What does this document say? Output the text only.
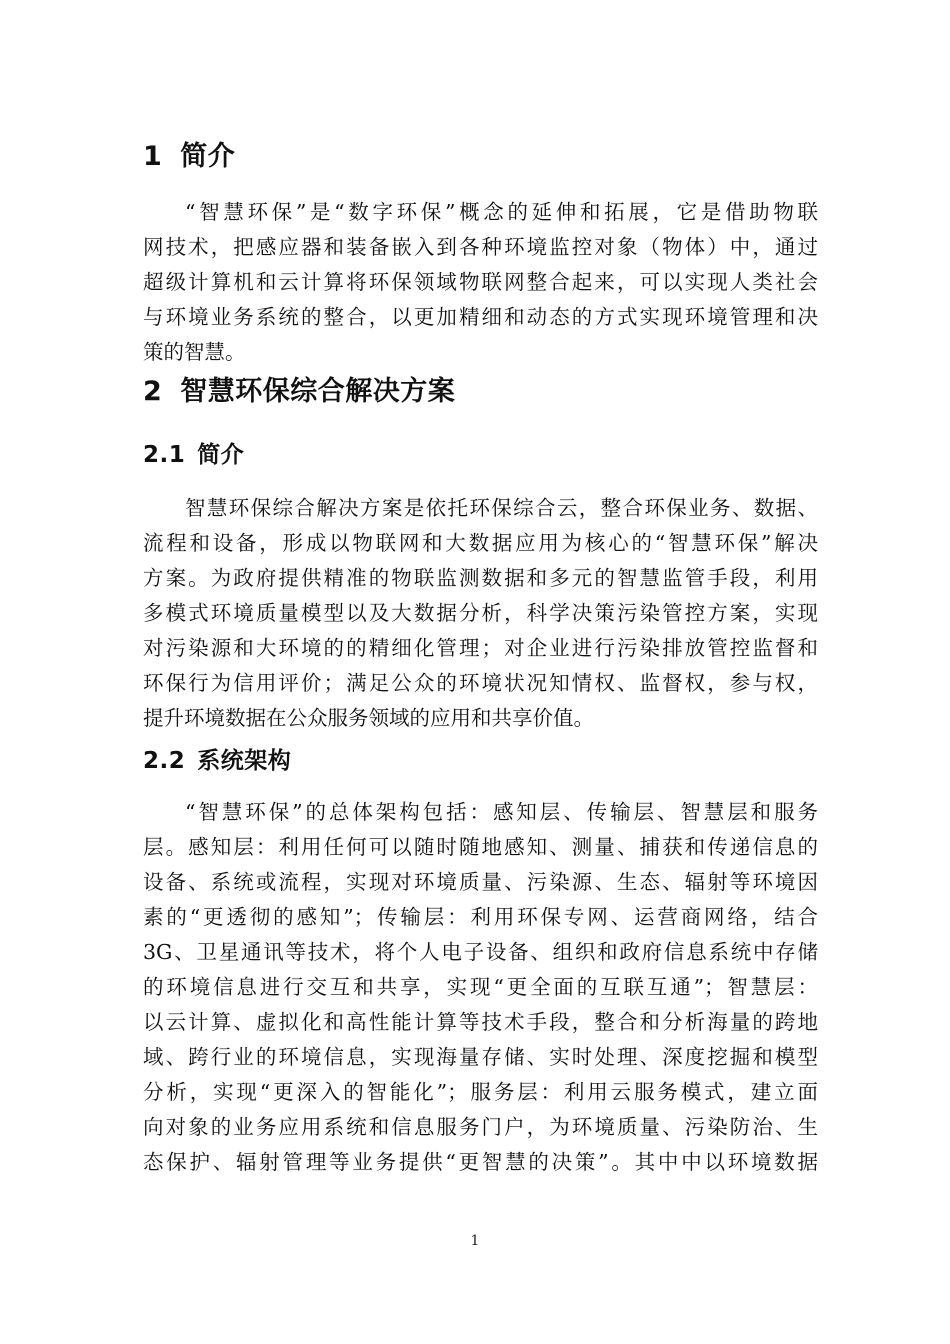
1 简介
“智慧环保”是“数字环保”概念的延伸和拓展，它是借助物联
网技术，把感应器和装备嵌入到各种环境监控对象（物体）中，通过
超级计算机和云计算将环保领域物联网整合起来，可以实现人类社会
与环境业务系统的整合，以更加精细和动态的方式实现环境管理和决
策的智慧。
2 智慧环保综合解决方案
2.1 简介
智慧环保综合解决方案是依托环保综合云，整合环保业务、数据、
流程和设备，形成以物联网和大数据应用为核心的“智慧环保”解决
方案。为政府提供精准的物联监测数据和多元的智慧监管手段，利用
多模式环境质量模型以及大数据分析，科学决策污染管控方案，实现
对污染源和大环境的的精细化管理；对企业进行污染排放管控监督和
环保行为信用评价；满足公众的环境状况知情权、监督权，参与权，
提升环境数据在公众服务领域的应用和共享价值。
2.2 系统架构
“智慧环保”的总体架构包括：感知层、传输层、智慧层和服务
层。感知层：利用任何可以随时随地感知、测量、捕获和传递信息的
设备、系统或流程，实现对环境质量、污染源、生态、辐射等环境因
素的“更透彻的感知”；传输层：利用环保专网、运营商网络，结合
3G、卫星通讯等技术，将个人电子设备、组织和政府信息系统中存储
的环境信息进行交互和共享，实现“更全面的互联互通”；智慧层：
以云计算、虚拟化和高性能计算等技术手段，整合和分析海量的跨地
域、跨行业的环境信息，实现海量存储、实时处理、深度挖掘和模型
分析，实现“更深入的智能化”；服务层：利用云服务模式，建立面
向对象的业务应用系统和信息服务门户，为环境质量、污染防治、生
态保护、辐射管理等业务提供“更智慧的决策”。其中中以环境数据
1
